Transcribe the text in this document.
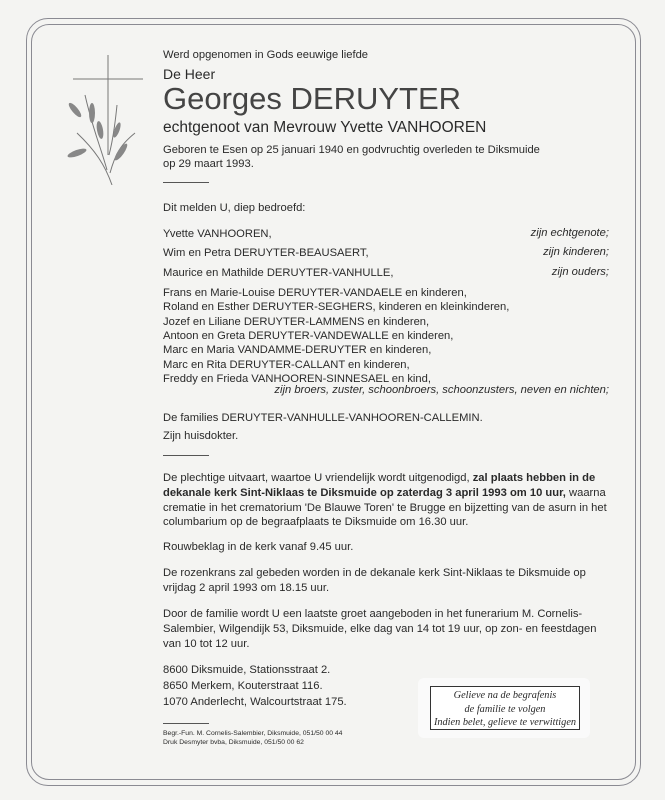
Werd opgenomen in Gods eeuwige liefde
De Heer
Georges DERUYTER
echtgenoot van Mevrouw Yvette VANHOOREN
Geboren te Esen op 25 januari 1940 en godvruchtig overleden te Diksmuide
op 29 maart 1993.
Dit melden U, diep bedroefd:
Yvette VANHOOREN,	zijn echtgenote;
Wim en Petra DERUYTER-BEAUSAERT,	zijn kinderen;
Maurice en Mathilde DERUYTER-VANHULLE,	zijn ouders;
Frans en Marie-Louise DERUYTER-VANDAELE en kinderen,
Roland en Esther DERUYTER-SEGHERS, kinderen en kleinkinderen,
Jozef en Liliane DERUYTER-LAMMENS en kinderen,
Antoon en Greta DERUYTER-VANDEWALLE en kinderen,
Marc en Maria VANDAMME-DERUYTER en kinderen,
Marc en Rita DERUYTER-CALLANT en kinderen,
Freddy en Frieda VANHOOREN-SINNESAEL en kind,
zijn broers, zuster, schoonbroers, schoonzusters, neven en nichten;
De families DERUYTER-VANHULLE-VANHOOREN-CALLEMIN.
Zijn huisdokter.
De plechtige uitvaart, waartoe U vriendelijk wordt uitgenodigd, zal plaats hebben in de dekanale kerk Sint-Niklaas te Diksmuide op zaterdag 3 april 1993 om 10 uur, waarna crematie in het crematorium 'De Blauwe Toren' te Brugge en bijzetting van de asurn in het columbarium op de begraafplaats te Diksmuide om 16.30 uur.
Rouwbeklag in de kerk vanaf 9.45 uur.
De rozenkrans zal gebeden worden in de dekanale kerk Sint-Niklaas te Diksmuide op vrijdag 2 april 1993 om 18.15 uur.
Door de familie wordt U een laatste groet aangeboden in het funerarium M. Cornelis-Salembier, Wilgendijk 53, Diksmuide, elke dag van 14 tot 19 uur, op zon- en feestdagen van 10 tot 12 uur.
8600 Diksmuide, Stationsstraat 2.
8650 Merkem, Kouterstraat 116.
1070 Anderlecht, Walcourtstraat 175.
Begr.-Fun. M. Cornelis-Salembier, Diksmuide, 051/50 00 44
Druk Desmyter bvba, Diksmuide, 051/50 00 62
Gelieve na de begrafenis
de familie te volgen
Indien belet, gelieve te verwittigen
